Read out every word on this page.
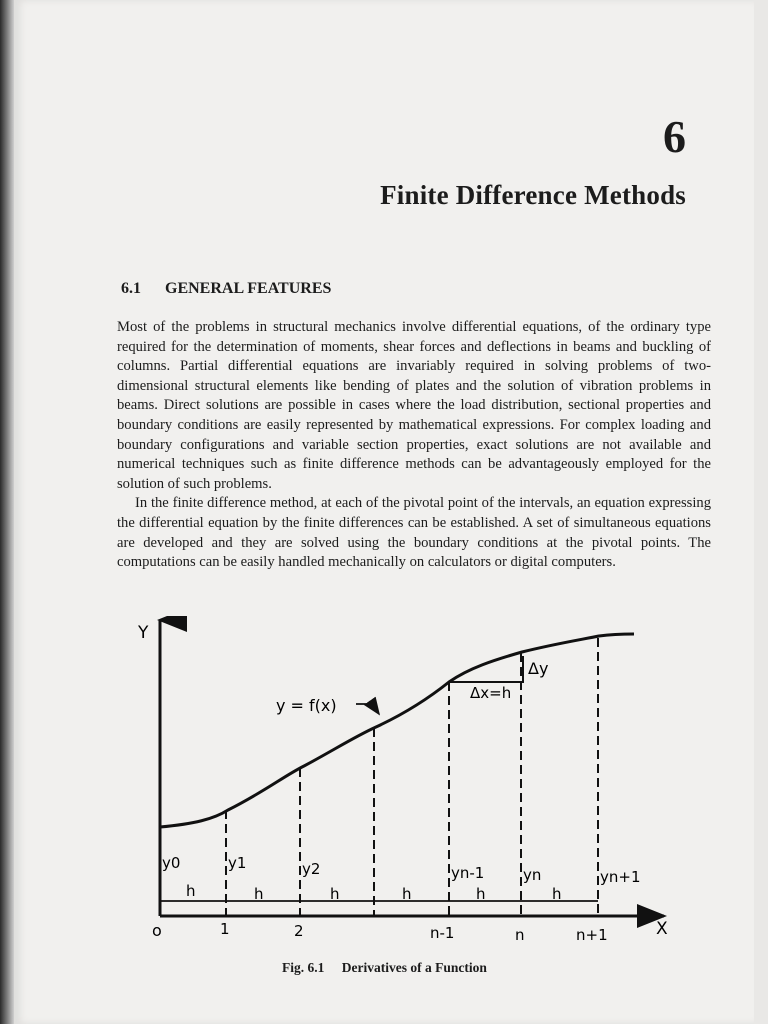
6
Finite Difference Methods
6.1 GENERAL FEATURES

Most of the problems in structural mechanics involve differential equations, of the ordinary type required for the determination of moments, shear forces and deflections in beams and buckling of columns. Partial differential equations are invariably required in solving problems of two-dimensional structural elements like bending of plates and the solution of vibration problems in beams. Direct solutions are possible in cases where the load distribution, sectional properties and boundary conditions are easily represented by mathematical expressions. For complex loading and boundary configurations and variable section properties, exact solutions are not available and numerical techniques such as finite difference methods can be advantageously employed for the solution of such problems.

In the finite difference method, at each of the pivotal point of the intervals, an equation expressing the differential equation by the finite differences can be established. A set of simultaneous equations are developed and they are solved using the boundary conditions at the pivotal points. The computations can be easily handled mechanically on calculators or digital computers.

Y
X
o
Δx=h
Δy
y = f(x)
y0	y1	y2	yn-1	yn	yn+1
h	h	h	h	h	h
1	2	n-1	n	n+1
Fig. 6.1 Derivatives of a Function
